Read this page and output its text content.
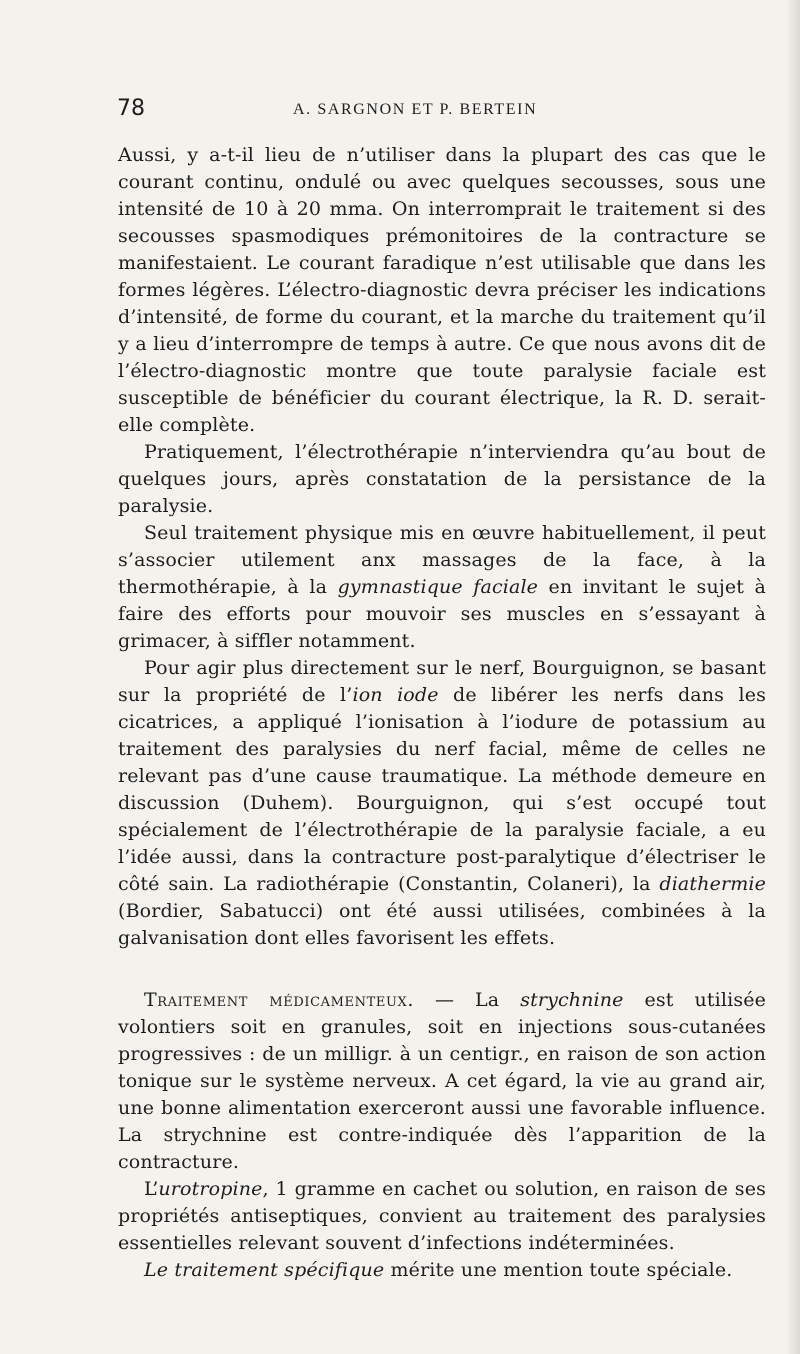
78	A. SARGNON ET P. BERTEIN

Aussi, y a-t-il lieu de n’utiliser dans la plupart des cas que le courant continu, ondulé ou avec quelques secousses, sous une intensité de 10 à 20 mma. On interromprait le traitement si des secousses spasmodiques prémonitoires de la contracture se manifestaient. Le courant faradique n’est utilisable que dans les formes légères. L’électro-diagnostic devra préciser les indications d’intensité, de forme du courant, et la marche du traitement qu’il y a lieu d’interrompre de temps à autre. Ce que nous avons dit de l’électro-diagnostic montre que toute paralysie faciale est susceptible de bénéficier du courant électrique, la R. D. serait-elle complète.

Pratiquement, l’électrothérapie n’interviendra qu’au bout de quelques jours, après constatation de la persistance de la paralysie.

Seul traitement physique mis en œuvre habituellement, il peut s’associer utilement anx massages de la face, à la thermothérapie, à la gymnastique faciale en invitant le sujet à faire des efforts pour mouvoir ses muscles en s’essayant à grimacer, à siffler notamment.

Pour agir plus directement sur le nerf, Bourguignon, se basant sur la propriété de l’ion iode de libérer les nerfs dans les cicatrices, a appliqué l’ionisation à l’iodure de potassium au traitement des paralysies du nerf facial, même de celles ne relevant pas d’une cause traumatique. La méthode demeure en discussion (Duhem). Bourguignon, qui s’est occupé tout spécialement de l’électrothérapie de la paralysie faciale, a eu l’idée aussi, dans la contracture post-paralytique d’électriser le côté sain. La radiothérapie (Constantin, Colaneri), la diathermie (Bordier, Sabatucci) ont été aussi utilisées, combinées à la galvanisation dont elles favorisent les effets.

Traitement médicamenteux. — La strychnine est utilisée volontiers soit en granules, soit en injections sous-cutanées progressives : de un milligr. à un centigr., en raison de son action tonique sur le système nerveux. A cet égard, la vie au grand air, une bonne alimentation exerceront aussi une favorable influence. La strychnine est contre-indiquée dès l’apparition de la contracture.

L’urotropine, 1 gramme en cachet ou solution, en raison de ses propriétés antiseptiques, convient au traitement des paralysies essentielles relevant souvent d’infections indéterminées.

Le traitement spécifique mérite une mention toute spéciale.
